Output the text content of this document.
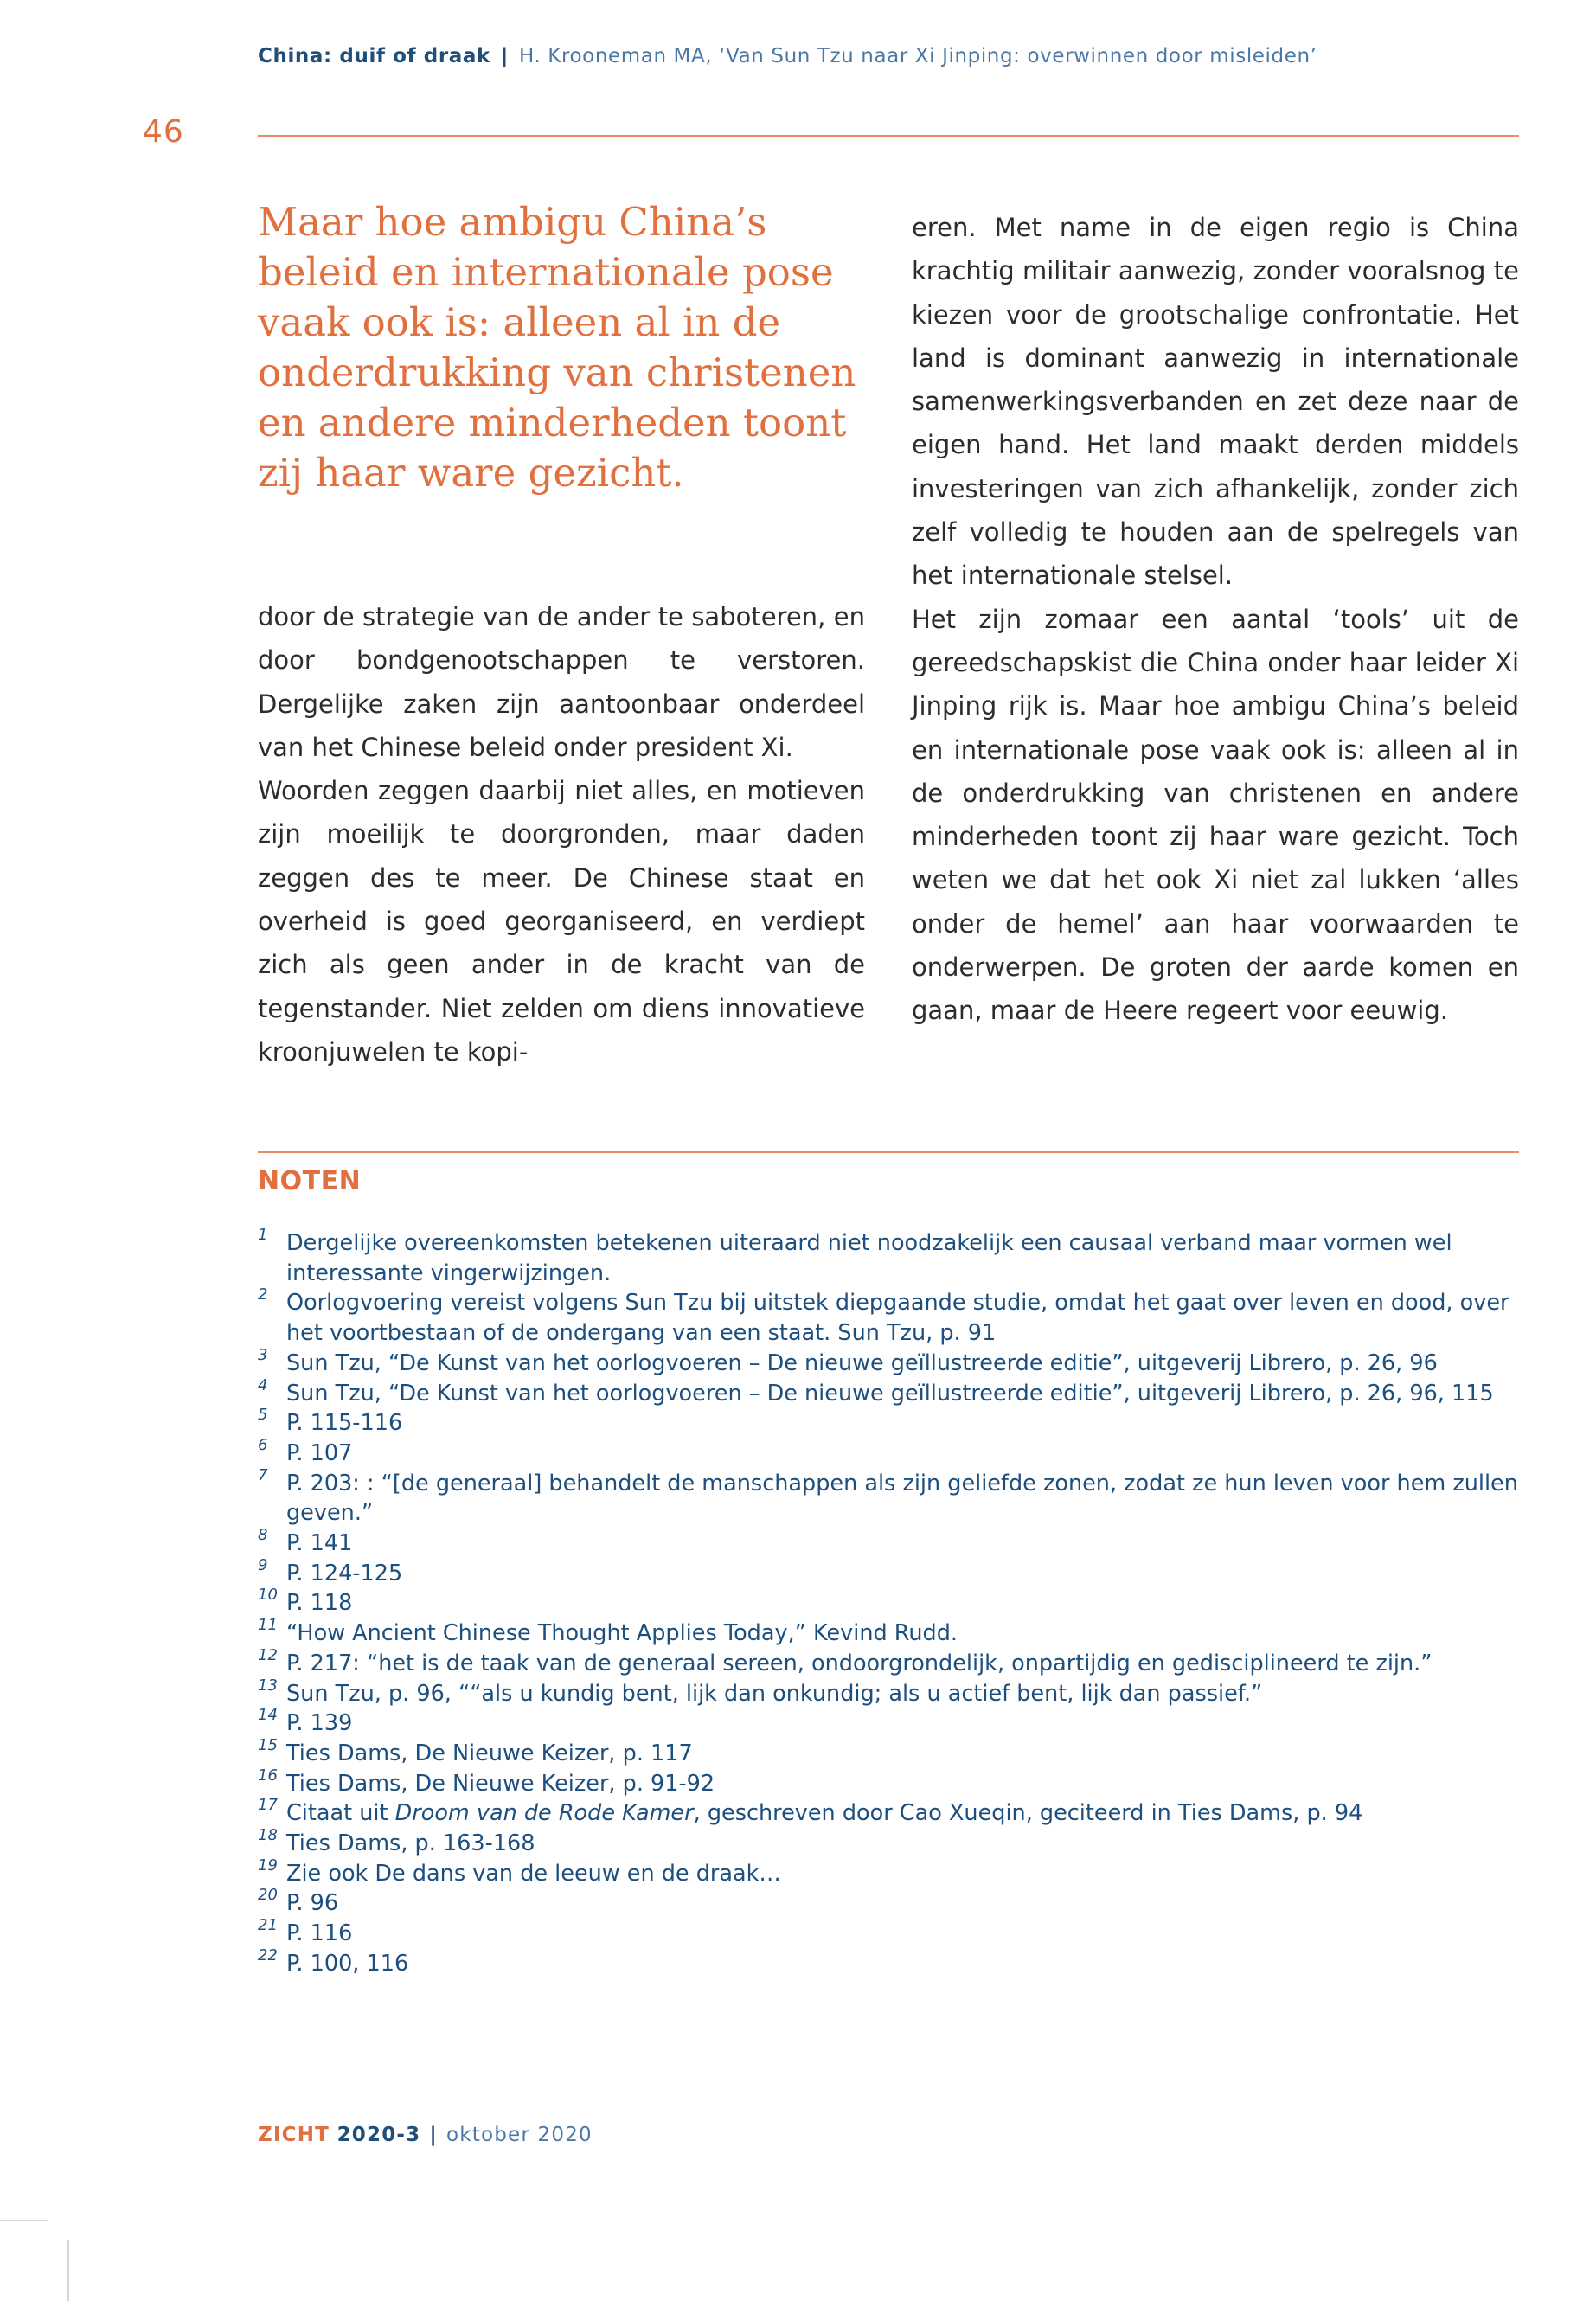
China: duif of draak | H. Krooneman MA, ‘Van Sun Tzu naar Xi Jinping: overwinnen door misleiden’
46
Maar hoe ambigu China’s beleid en internationale pose vaak ook is: alleen al in de onderdrukking van christenen en andere minderheden toont zij haar ware gezicht.

door de strategie van de ander te saboteren, en door bondgenootschappen te verstoren. Dergelijke zaken zijn aantoonbaar onderdeel van het Chinese beleid onder president Xi.

Woorden zeggen daarbij niet alles, en motieven zijn moeilijk te doorgronden, maar daden zeggen des te meer. De Chinese staat en overheid is goed georganiseerd, en verdiept zich als geen ander in de kracht van de tegenstander. Niet zelden om diens innovatieve kroonjuwelen te kopi-

eren. Met name in de eigen regio is China krachtig militair aanwezig, zonder vooralsnog te kiezen voor de grootschalige confrontatie. Het land is dominant aanwezig in internationale samenwerkingsverbanden en zet deze naar de eigen hand. Het land maakt derden middels investeringen van zich afhankelijk, zonder zich zelf volledig te houden aan de spelregels van het internationale stelsel.

Het zijn zomaar een aantal ‘tools’ uit de gereedschapskist die China onder haar leider Xi Jinping rijk is. Maar hoe ambigu China’s beleid en internationale pose vaak ook is: alleen al in de onderdrukking van christenen en andere minderheden toont zij haar ware gezicht. Toch weten we dat het ook Xi niet zal lukken ‘alles onder de hemel’ aan haar voorwaarden te onderwerpen. De groten der aarde komen en gaan, maar de Heere regeert voor eeuwig.

NOTEN
1 Dergelijke overeenkomsten betekenen uiteraard niet noodzakelijk een causaal verband maar vormen wel interessante vingerwijzingen.
2 Oorlogvoering vereist volgens Sun Tzu bij uitstek diepgaande studie, omdat het gaat over leven en dood, over het voortbestaan of de ondergang van een staat. Sun Tzu, p. 91
3 Sun Tzu, “De Kunst van het oorlogvoeren – De nieuwe geïllustreerde editie”, uitgeverij Librero, p. 26, 96
4 Sun Tzu, “De Kunst van het oorlogvoeren – De nieuwe geïllustreerde editie”, uitgeverij Librero, p. 26, 96, 115
5 P. 115-116
6 P. 107
7 P. 203: : “[de generaal] behandelt de manschappen als zijn geliefde zonen, zodat ze hun leven voor hem zullen geven.”
8 P. 141
9 P. 124-125
10 P. 118
11 “How Ancient Chinese Thought Applies Today,” Kevind Rudd.
12 P. 217: “het is de taak van de generaal sereen, ondoorgrondelijk, onpartijdig en gedisciplineerd te zijn.”
13 Sun Tzu, p. 96, ““als u kundig bent, lijk dan onkundig; als u actief bent, lijk dan passief.”
14 P. 139
15 Ties Dams, De Nieuwe Keizer, p. 117
16 Ties Dams, De Nieuwe Keizer, p. 91-92
17 Citaat uit Droom van de Rode Kamer, geschreven door Cao Xueqin, geciteerd in Ties Dams, p. 94
18 Ties Dams, p. 163-168
19 Zie ook De dans van de leeuw en de draak…
20 P. 96
21 P. 116
22 P. 100, 116
ZICHT 2020-3 | oktober 2020
